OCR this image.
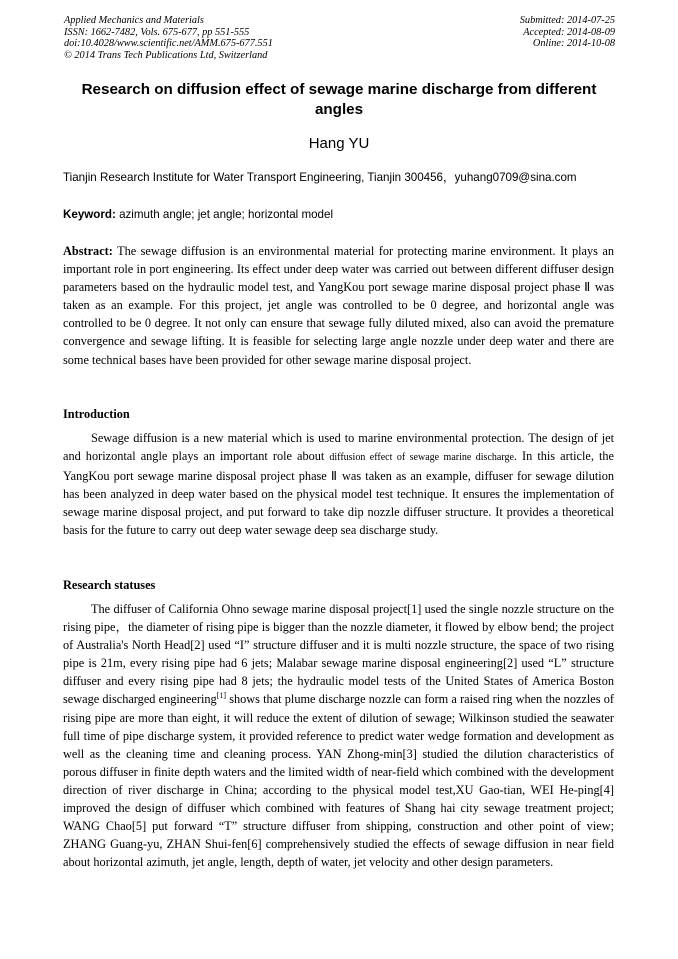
Applied Mechanics and Materials
ISSN: 1662-7482, Vols. 675-677, pp 551-555
doi:10.4028/www.scientific.net/AMM.675-677.551
© 2014 Trans Tech Publications Ltd, Switzerland
Submitted: 2014-07-25
Accepted: 2014-08-09
Online: 2014-10-08
Research on diffusion effect of sewage marine discharge from different
angles
Hang YU
Tianjin Research Institute for Water Transport Engineering, Tianjin 300456，yuhang0709@sina.com
Keyword: azimuth angle; jet angle; horizontal model
Abstract: The sewage diffusion is an environmental material for protecting marine environment. It plays an important role in port engineering. Its effect under deep water was carried out between different diffuser design parameters based on the hydraulic model test, and YangKou port sewage marine disposal project phase Ⅱ was taken as an example. For this project, jet angle was controlled to be 0 degree, and horizontal angle was controlled to be 0 degree. It not only can ensure that sewage fully diluted mixed, also can avoid the premature convergence and sewage lifting. It is feasible for selecting large angle nozzle under deep water and there are some technical bases have been provided for other sewage marine disposal project.
Introduction
Sewage diffusion is a new material which is used to marine environmental protection. The design of jet and horizontal angle plays an important role about diffusion effect of sewage marine discharge. In this article, the YangKou port sewage marine disposal project phase Ⅱ was taken as an example, diffuser for sewage dilution has been analyzed in deep water based on the physical model test technique. It ensures the implementation of sewage marine disposal project, and put forward to take dip nozzle diffuser structure. It provides a theoretical basis for the future to carry out deep water sewage deep sea discharge study.
Research statuses
The diffuser of California Ohno sewage marine disposal project[1] used the single nozzle structure on the rising pipe，the diameter of rising pipe is bigger than the nozzle diameter, it flowed by elbow bend; the project of Australia's North Head[2] used “I” structure diffuser and it is multi nozzle structure, the space of two rising pipe is 21m, every rising pipe had 6 jets; Malabar sewage marine disposal engineering[2] used “L” structure diffuser and every rising pipe had 8 jets; the hydraulic model tests of the United States of America Boston sewage discharged engineering[1] shows that plume discharge nozzle can form a raised ring when the nozzles of rising pipe are more than eight, it will reduce the extent of dilution of sewage; Wilkinson studied the seawater full time of pipe discharge system, it provided reference to predict water wedge formation and development as well as the cleaning time and cleaning process. YAN Zhong-min[3] studied the dilution characteristics of porous diffuser in finite depth waters and the limited width of near-field which combined with the development direction of river discharge in China; according to the physical model test,XU Gao-tian, WEI He-ping[4] improved the design of diffuser which combined with features of Shang hai city sewage treatment project; WANG Chao[5] put forward “T” structure diffuser from shipping, construction and other point of view; ZHANG Guang-yu, ZHAN Shui-fen[6] comprehensively studied the effects of sewage diffusion in near field about horizontal azimuth, jet angle, length, depth of water, jet velocity and other design parameters.
